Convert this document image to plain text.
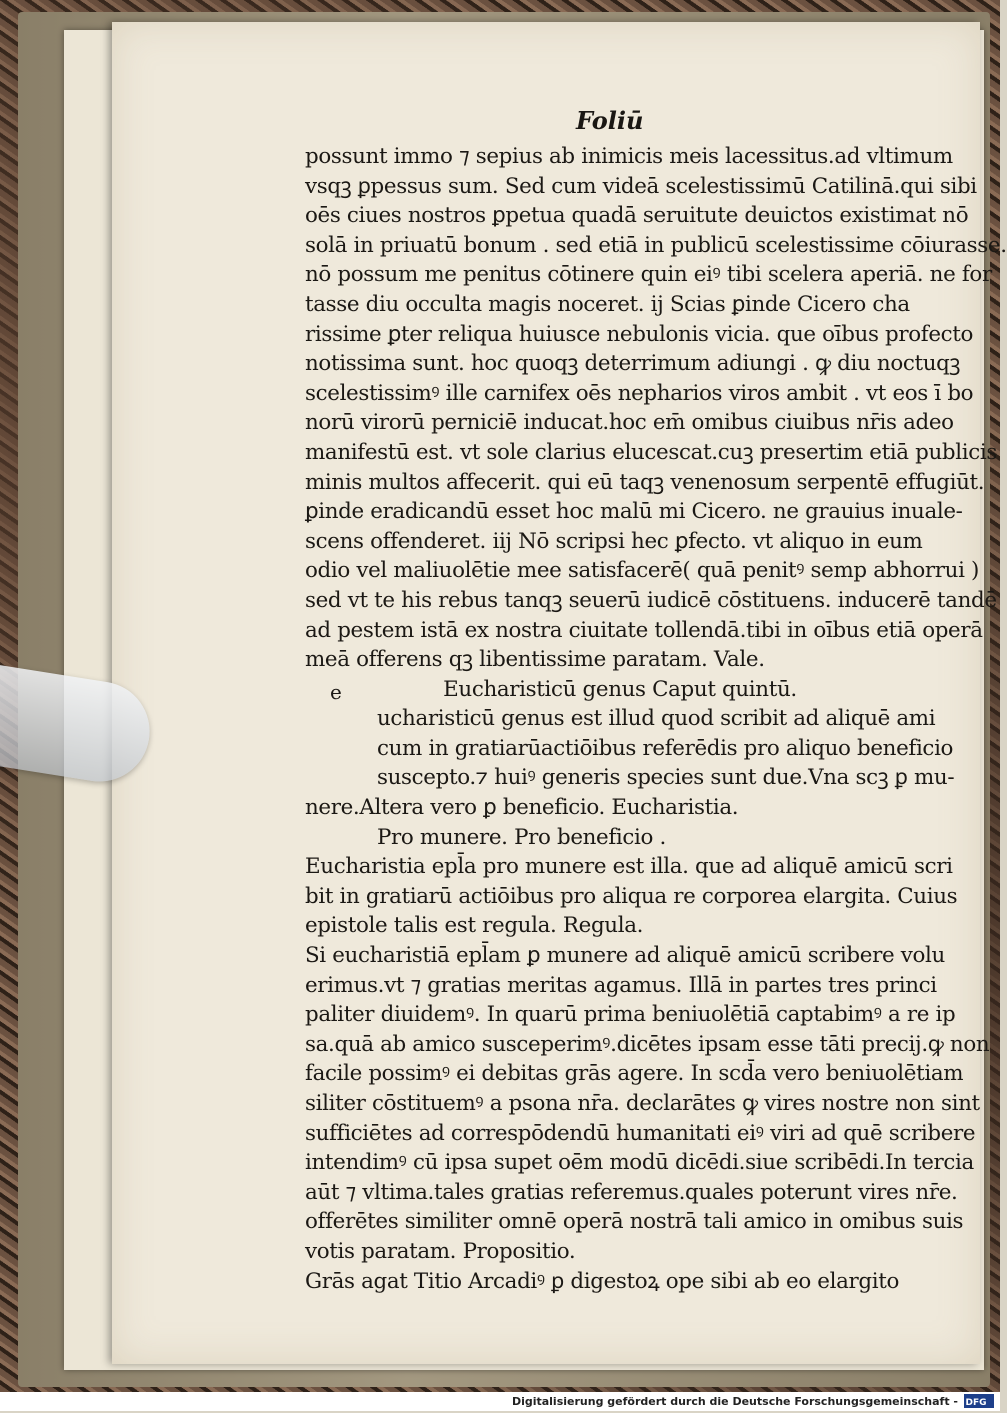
Foliū
possunt immo ⁊ sepius ab inimicis meis lacessitus.ad vltimum
vsqꝫ ꝑpessus sum. Sed cum videā scelestissimū Catilinā.qui sibi
oēs ciues nostros ꝑpetua quadā seruitute deuictos existimat nō
solā in priuatū bonum . sed etiā in publicū scelestissime cōiurasse.
nō possum me penitus cōtinere quin eiꝰ tibi scelera aperiā. ne for
tasse diu occulta magis noceret. ij Scias ꝑinde Cicero cha
rissime ꝑter reliqua huiusce nebulonis vicia. que oībus profecto
notissima sunt. hoc quoqꝫ deterrimum adiungi . ꝙ diu noctuqꝫ
scelestissimꝰ ille carnifex oēs nepharios viros ambit . vt eos ī bo
norū virorū perniciē inducat.hoc em̄ omibus ciuibus nr̄is adeo
manifestū est. vt sole clarius elucescat.cuꝫ presertim etiā publicis
minis multos affecerit. qui eū taqꝫ venenosum serpentē effugiūt.
ꝑinde eradicandū esset hoc malū mi Cicero. ne grauius inuale-
scens offenderet. iij Nō scripsi hec ꝑfecto. vt aliquo in eum
odio vel maliuolētie mee satisfacerē( quā penitꝰ semp abhorrui )
sed vt te his rebus tanqꝫ seuerū iudicē cōstituens. inducerē tandē
ad pestem istā ex nostra ciuitate tollendā.tibi in oībus etiā operā
meā offerens qꝫ libentissime paratam. Vale.
Eucharisticū genus Caput quintū.
ucharisticū genus est illud quod scribit ad aliquē ami
cum in gratiarūactiōibus referēdis pro aliquo beneficio
suscepto.⁊ huiꝰ generis species sunt due.Vna scꝫ ꝑ mu-
nere.Altera vero ꝑ beneficio. Eucharistia.
Pro munere. Pro beneficio .
Eucharistia epl̄a pro munere est illa. que ad aliquē amicū scri
bit in gratiarū actiōibus pro aliqua re corporea elargita. Cuius
epistole talis est regula. Regula.
Si eucharistiā epl̄am ꝑ munere ad aliquē amicū scribere volu
erimus.vt ⁊ gratias meritas agamus. Illā in partes tres princi
paliter diuidemꝰ. In quarū prima beniuolētiā captabimꝰ a re ip
sa.quā ab amico susceperimꝰ.dicētes ipsam esse tāti precij.ꝙ non
facile possimꝰ ei debitas grās agere. In scd̄a vero beniuolētiam
siliter cōstituemꝰ a psona nr̄a. declarātes ꝙ vires nostre non sint
sufficiētes ad correspōdendū humanitati eiꝰ viri ad quē scribere
intendimꝰ cū ipsa supet oēm modū dicēdi.siue scribēdi.In tercia
aūt ⁊ vltima.tales gratias referemus.quales poterunt vires nr̄e.
offerētes similiter omnē operā nostrā tali amico in omibus suis
votis paratam. Propositio.
Grās agat Titio Arcadiꝰ ꝑ digestoꝝ ope sibi ab eo elargito
e
Digitalisierung gefördert durch die Deutsche Forschungsgemeinschaft - DFG
